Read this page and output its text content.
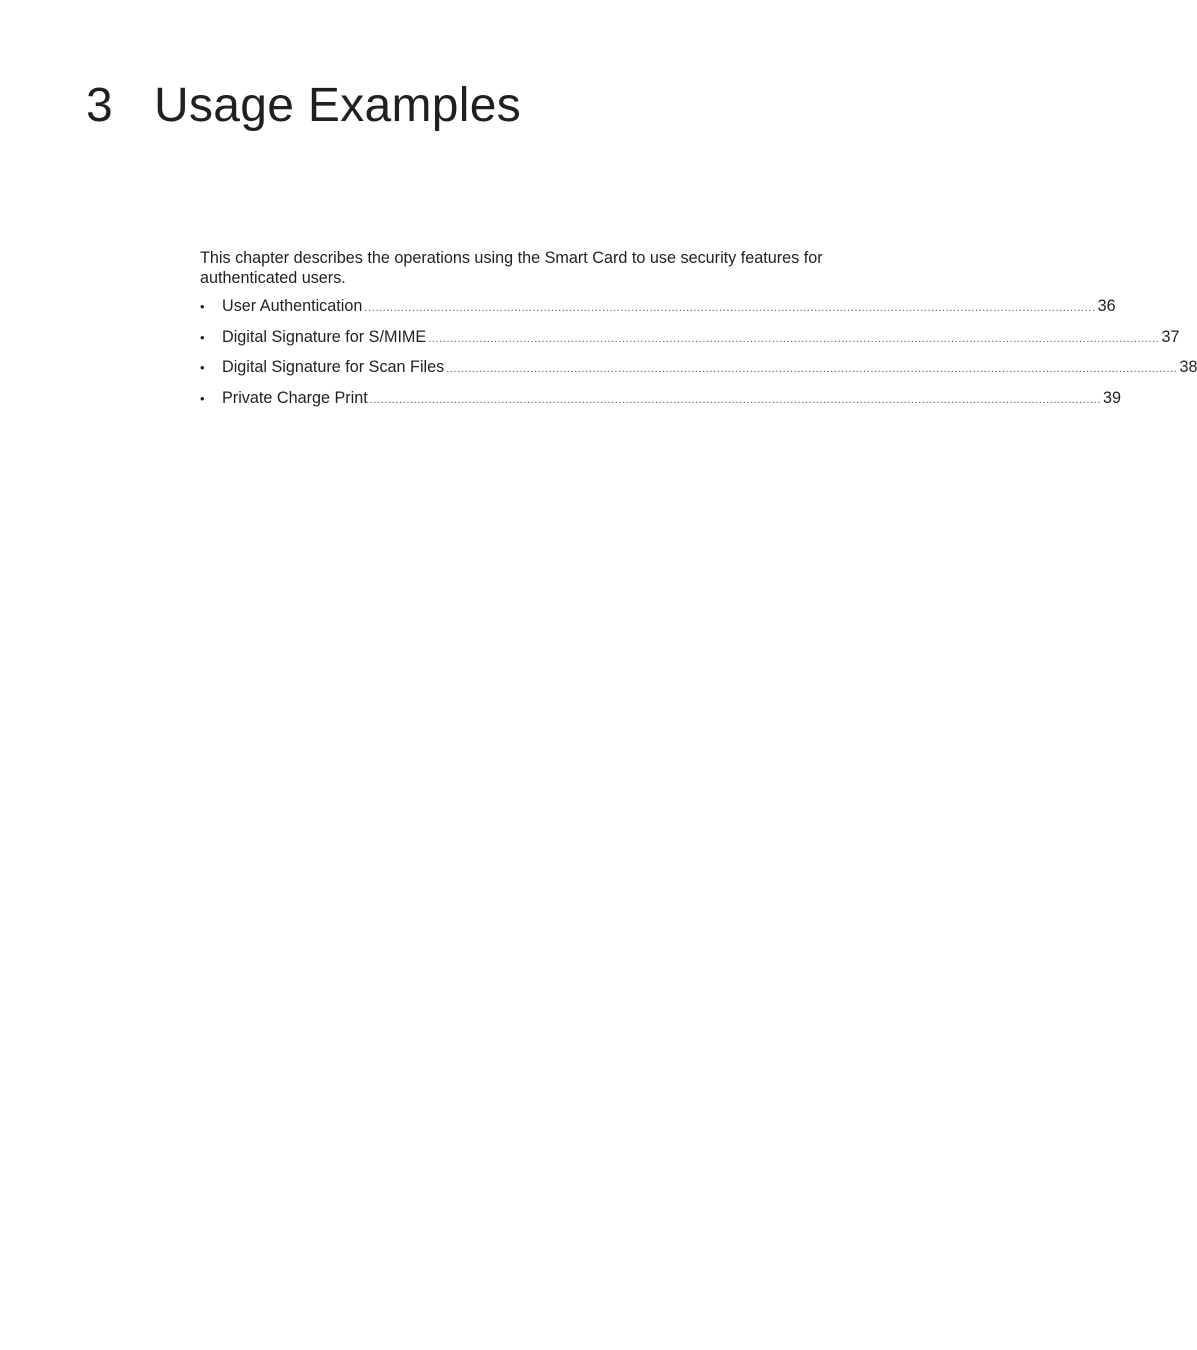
3 Usage Examples

This chapter describes the operations using the Smart Card to use security features for authenticated users.

•	User Authentication ........................................................................................................................................................................................................ 36
•	Digital Signature for S/MIME ........................................................................................................................................................................................................ 37
•	Digital Signature for Scan Files ........................................................................................................................................................................................................ 38
•	Private Charge Print ........................................................................................................................................................................................................ 39
